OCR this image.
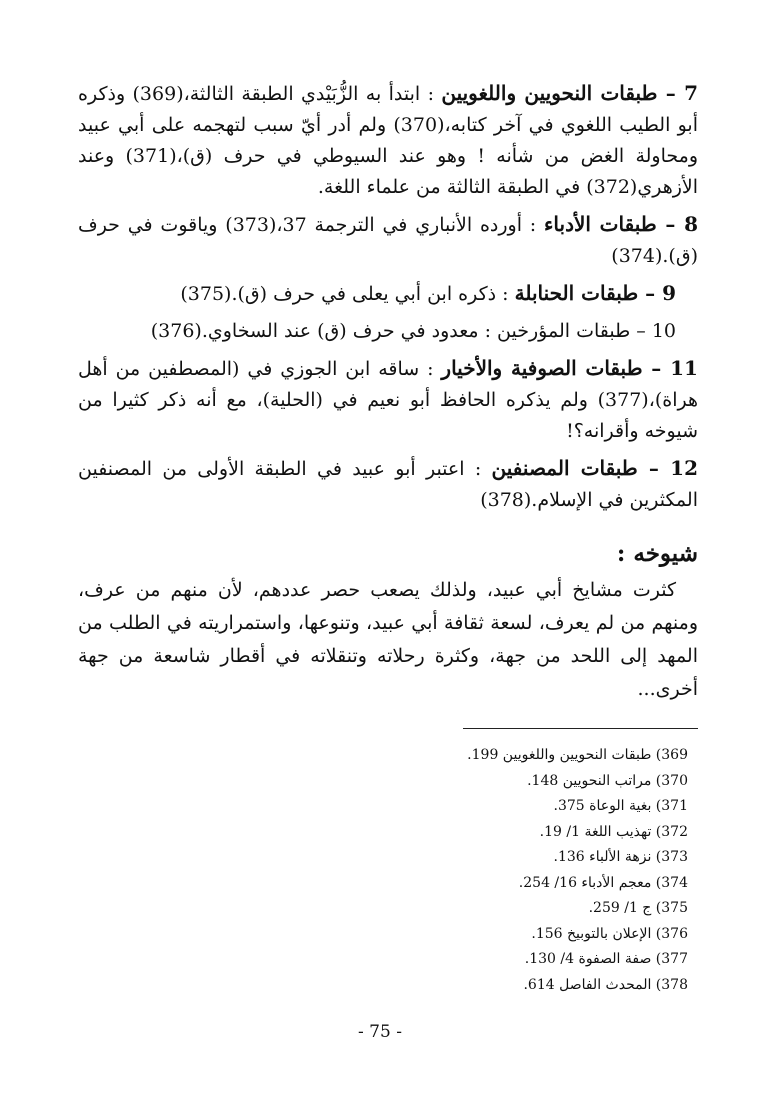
7 – طبقات النحويين واللغويين : ابتدأ به الزُّبَيْدي الطبقة الثالثة،(369) وذكره أبو الطيب اللغوي في آخر كتابه،(370) ولم أدر أيّ سبب لتهجمه على أبي عبيد ومحاولة الغض من شأنه ! وهو عند السيوطي في حرف (ق)،(371) وعند الأزهري(372) في الطبقة الثالثة من علماء اللغة.

8 – طبقات الأدباء : أورده الأنباري في الترجمة 37،(373) وياقوت في حرف (ق).(374)

9 – طبقات الحنابلة : ذكره ابن أبي يعلى في حرف (ق).(375)

10 – طبقات المؤرخين : معدود في حرف (ق) عند السخاوي.(376)

11 – طبقات الصوفية والأخيار : ساقه ابن الجوزي في (المصطفين من أهل هراة)،(377) ولم يذكره الحافظ أبو نعيم في (الحلية)، مع أنه ذكر كثيرا من شيوخه وأقرانه؟!

12 – طبقات المصنفين : اعتبر أبو عبيد في الطبقة الأولى من المصنفين المكثرين في الإسلام.(378)

شيوخه :

كثرت مشايخ أبي عبيد، ولذلك يصعب حصر عددهم، لأن منهم من عرف، ومنهم من لم يعرف، لسعة ثقافة أبي عبيد، وتنوعها، واستمراريته في الطلب من المهد إلى اللحد من جهة، وكثرة رحلاته وتنقلاته في أقطار شاسعة من جهة أخرى...

369) طبقات النحويين واللغويين 199.
370) مراتب النحويين 148.
371) بغية الوعاة 375.
372) تهذيب اللغة 1/ 19.
373) نزهة الألباء 136.
374) معجم الأدباء 16/ 254.
375) ج 1/ 259.
376) الإعلان بالتوبيخ 156.
377) صفة الصفوة 4/ 130.
378) المحدث الفاصل 614.
- 75 -
